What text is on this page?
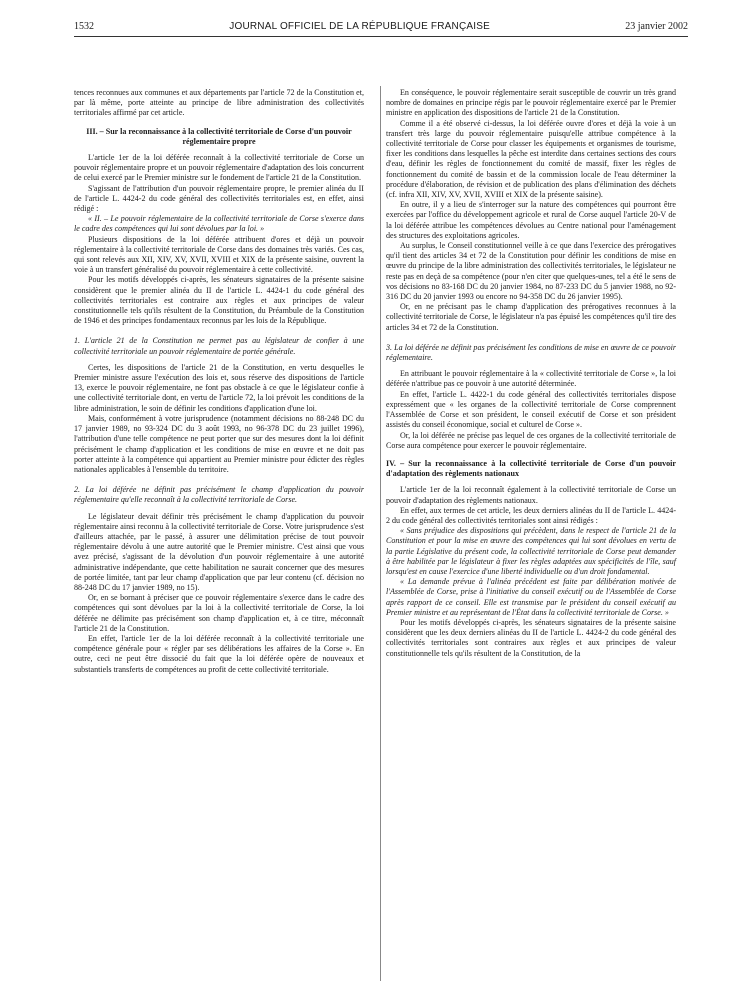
1532	JOURNAL OFFICIEL DE LA RÉPUBLIQUE FRANÇAISE	23 janvier 2002

tences reconnues aux communes et aux départements par l'article 72 de la Constitution et, par là même, porte atteinte au principe de libre administration des collectivités territoriales affirmé par cet article.

III. – Sur la reconnaissance à la collectivité territoriale de Corse d'un pouvoir réglementaire propre

L'article 1er de la loi déférée reconnaît à la collectivité territoriale de Corse un pouvoir réglementaire propre et un pouvoir réglementaire d'adaptation des lois concurrent de celui exercé par le Premier ministre sur le fondement de l'article 21 de la Constitution.

S'agissant de l'attribution d'un pouvoir réglementaire propre, le premier alinéa du II de l'article L. 4424-2 du code général des collectivités territoriales est, en effet, ainsi rédigé :

« II. – Le pouvoir réglementaire de la collectivité territoriale de Corse s'exerce dans le cadre des compétences qui lui sont dévolues par la loi. »

Plusieurs dispositions de la loi déférée attribuent d'ores et déjà un pouvoir réglementaire à la collectivité territoriale de Corse dans des domaines très variés. Ces cas, qui sont relevés aux XII, XIV, XV, XVII, XVIII et XIX de la présente saisine, ouvrent la voie à un transfert généralisé du pouvoir réglementaire à cette collectivité.

Pour les motifs développés ci-après, les sénateurs signataires de la présente saisine considèrent que le premier alinéa du II de l'article L. 4424-1 du code général des collectivités territoriales est contraire aux règles et aux principes de valeur constitutionnelle tels qu'ils résultent de la Constitution, du Préambule de la Constitution de 1946 et des principes fondamentaux reconnus par les lois de la République.

1. L'article 21 de la Constitution ne permet pas au législateur de confier à une collectivité territoriale un pouvoir réglementaire de portée générale.

Certes, les dispositions de l'article 21 de la Constitution, en vertu desquelles le Premier ministre assure l'exécution des lois et, sous réserve des dispositions de l'article 13, exerce le pouvoir réglementaire, ne font pas obstacle à ce que le législateur confie à une collectivité territoriale dont, en vertu de l'article 72, la loi prévoit les conditions de la libre administration, le soin de définir les conditions d'application d'une loi.

Mais, conformément à votre jurisprudence (notamment décisions no 88-248 DC du 17 janvier 1989, no 93-324 DC du 3 août 1993, no 96-378 DC du 23 juillet 1996), l'attribution d'une telle compétence ne peut porter que sur des mesures dont la loi définit précisément le champ d'application et les conditions de mise en œuvre et ne doit pas porter atteinte à la compétence qui appartient au Premier ministre pour édicter des règles nationales applicables à l'ensemble du territoire.

2. La loi déférée ne définit pas précisément le champ d'application du pouvoir réglementaire qu'elle reconnaît à la collectivité territoriale de Corse.

Le législateur devait définir très précisément le champ d'application du pouvoir réglementaire ainsi reconnu à la collectivité territoriale de Corse. Votre jurisprudence s'est d'ailleurs attachée, par le passé, à assurer une délimitation précise de tout pouvoir réglementaire dévolu à une autre autorité que le Premier ministre. C'est ainsi que vous avez précisé, s'agissant de la dévolution d'un pouvoir réglementaire à une autorité administrative indépendante, que cette habilitation ne saurait concerner que des mesures de portée limitée, tant par leur champ d'application que par leur contenu (cf. décision no 88-248 DC du 17 janvier 1989, no 15).

Or, en se bornant à préciser que ce pouvoir réglementaire s'exerce dans le cadre des compétences qui sont dévolues par la loi à la collectivité territoriale de Corse, la loi déférée ne délimite pas précisément son champ d'application et, à ce titre, méconnaît l'article 21 de la Constitution.

En effet, l'article 1er de la loi déférée reconnaît à la collectivité territoriale une compétence générale pour « régler par ses délibérations les affaires de la Corse ». En outre, ceci ne peut être dissocié du fait que la loi déférée opère de nouveaux et substantiels transferts de compétences au profit de cette collectivité territoriale.

En conséquence, le pouvoir réglementaire serait susceptible de couvrir un très grand nombre de domaines en principe régis par le pouvoir réglementaire exercé par le Premier ministre en application des dispositions de l'article 21 de la Constitution.

Comme il a été observé ci-dessus, la loi déférée ouvre d'ores et déjà la voie à un transfert très large du pouvoir réglementaire puisqu'elle attribue compétence à la collectivité territoriale de Corse pour classer les équipements et organismes de tourisme, fixer les conditions dans lesquelles la pêche est interdite dans certaines sections des cours d'eau, définir les règles de fonctionnement du comité de massif, fixer les règles de fonctionnement du comité de bassin et de la commission locale de l'eau déterminer la procédure d'élaboration, de révision et de publication des plans d'élimination des déchets (cf. infra XII, XIV, XV, XVII, XVIII et XIX de la présente saisine).

En outre, il y a lieu de s'interroger sur la nature des compétences qui pourront être exercées par l'office du développement agricole et rural de Corse auquel l'article 20-V de la loi déférée attribue les compétences dévolues au Centre national pour l'aménagement des structures des exploitations agricoles.

Au surplus, le Conseil constitutionnel veille à ce que dans l'exercice des prérogatives qu'il tient des articles 34 et 72 de la Constitution pour définir les conditions de mise en œuvre du principe de la libre administration des collectivités territoriales, le législateur ne reste pas en deçà de sa compétence (pour n'en citer que quelques-unes, tel a été le sens de vos décisions no 83-168 DC du 20 janvier 1984, no 87-233 DC du 5 janvier 1988, no 92-316 DC du 20 janvier 1993 ou encore no 94-358 DC du 26 janvier 1995).

Or, en ne précisant pas le champ d'application des prérogatives reconnues à la collectivité territoriale de Corse, le législateur n'a pas épuisé les compétences qu'il tire des articles 34 et 72 de la Constitution.

3. La loi déférée ne définit pas précisément les conditions de mise en œuvre de ce pouvoir réglementaire.

En attribuant le pouvoir réglementaire à la « collectivité territoriale de Corse », la loi déférée n'attribue pas ce pouvoir à une autorité déterminée.

En effet, l'article L. 4422-1 du code général des collectivités territoriales dispose expressément que « les organes de la collectivité territoriale de Corse comprennent l'Assemblée de Corse et son président, le conseil exécutif de Corse et son président assistés du conseil économique, social et culturel de Corse ».

Or, la loi déférée ne précise pas lequel de ces organes de la collectivité territoriale de Corse aura compétence pour exercer le pouvoir réglementaire.

IV. – Sur la reconnaissance à la collectivité territoriale de Corse d'un pouvoir d'adaptation des règlements nationaux

L'article 1er de la loi reconnaît également à la collectivité territoriale de Corse un pouvoir d'adaptation des règlements nationaux.

En effet, aux termes de cet article, les deux derniers alinéas du II de l'article L. 4424-2 du code général des collectivités territoriales sont ainsi rédigés :

« Sans préjudice des dispositions qui précèdent, dans le respect de l'article 21 de la Constitution et pour la mise en œuvre des compétences qui lui sont dévolues en vertu de la partie Législative du présent code, la collectivité territoriale de Corse peut demander à être habilitée par le législateur à fixer les règles adaptées aux spécificités de l'île, sauf lorsqu'est en cause l'exercice d'une liberté individuelle ou d'un droit fondamental.

« La demande prévue à l'alinéa précédent est faite par délibération motivée de l'Assemblée de Corse, prise à l'initiative du conseil exécutif ou de l'Assemblée de Corse après rapport de ce conseil. Elle est transmise par le président du conseil exécutif au Premier ministre et au représentant de l'État dans la collectivité territoriale de Corse. »

Pour les motifs développés ci-après, les sénateurs signataires de la présente saisine considèrent que les deux derniers alinéas du II de l'article L. 4424-2 du code général des collectivités territoriales sont contraires aux règles et aux principes de valeur constitutionnelle tels qu'ils résultent de la Constitution, de la
